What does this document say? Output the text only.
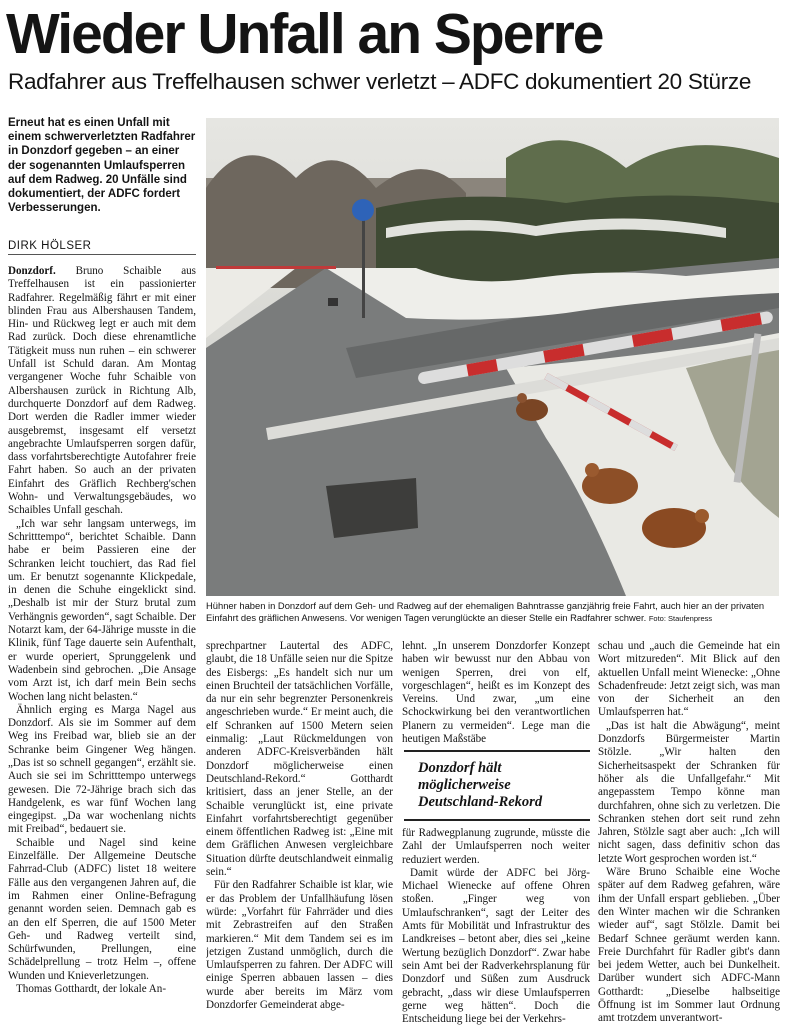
Wieder Unfall an Sperre
Radfahrer aus Treffelhausen schwer verletzt – ADFC dokumentiert 20 Stürze
Erneut hat es einen Unfall mit einem schwerverletzten Radfahrer in Donzdorf gegeben – an einer der sogenannten Umlaufsperren auf dem Radweg. 20 Unfälle sind dokumentiert, der ADFC fordert Verbesserungen.
DIRK HÖLSER

Donzdorf. Bruno Schaible aus Treffelhausen ist ein passionierter Radfahrer. Regelmäßig fährt er mit einer blinden Frau aus Albershausen Tandem, Hin- und Rückweg legt er auch mit dem Rad zurück. Doch diese ehrenamtliche Tätigkeit muss nun ruhen – ein schwerer Unfall ist Schuld daran. Am Montag vergangener Woche fuhr Schaible von Albershausen zurück in Richtung Alb, durchquerte Donzdorf auf dem Radweg. Dort werden die Radler immer wieder ausgebremst, insgesamt elf versetzt angebrachte Umlaufsperren sorgen dafür, dass vorfahrtsberechtigte Autofahrer freie Fahrt haben. So auch an der privaten Einfahrt des Gräflich Rechberg'schen Wohn- und Verwaltungsgebäudes, wo Schaibles Unfall geschah.

„Ich war sehr langsam unterwegs, im Schritttempo“, berichtet Schaible. Dann habe er beim Passieren eine der Schranken leicht touchiert, das Rad fiel um. Er benutzt sogenannte Klickpedale, in denen die Schuhe eingeklickt sind. „Deshalb ist mir der Sturz brutal zum Verhängnis geworden“, sagt Schaible. Der Notarzt kam, der 64-Jährige musste in die Klinik, fünf Tage dauerte sein Aufenthalt, er wurde operiert, Sprunggelenk und Wadenbein sind gebrochen. „Die Ansage vom Arzt ist, ich darf mein Bein sechs Wochen lang nicht belasten.“

Ähnlich erging es Marga Nagel aus Donzdorf. Als sie im Sommer auf dem Weg ins Freibad war, blieb sie an der Schranke beim Gingener Weg hängen. „Das ist so schnell gegangen“, erzählt sie. Auch sie sei im Schritttempo unterwegs gewesen. Die 72-Jährige brach sich das Handgelenk, es war fünf Wochen lang eingegipst. „Da war wochenlang nichts mit Freibad“, bedauert sie.

Schaible und Nagel sind keine Einzelfälle. Der Allgemeine Deutsche Fahrrad-Club (ADFC) listet 18 weitere Fälle aus den vergangenen Jahren auf, die im Rahmen einer Online-Befragung genannt worden seien. Demnach gab es an den elf Sperren, die auf 1500 Meter Geh- und Radweg verteilt sind, Schürfwunden, Prellungen, eine Schädelprellung – trotz Helm –, offene Wunden und Knieverletzungen.

Thomas Gotthardt, der lokale An-

Hühner haben in Donzdorf auf dem Geh- und Radweg auf der ehemaligen Bahntrasse ganzjährig freie Fahrt, auch hier an der privaten Einfahrt des gräflichen Anwesens. Vor wenigen Tagen verunglückte an dieser Stelle ein Radfahrer schwer. Foto: Staufenpress

sprechpartner Lautertal des ADFC, glaubt, die 18 Unfälle seien nur die Spitze des Eisbergs: „Es handelt sich nur um einen Bruchteil der tatsächlichen Vorfälle, da nur ein sehr begrenzter Personenkreis angeschrieben wurde.“ Er meint auch, die elf Schranken auf 1500 Metern seien einmalig: „Laut Rückmeldungen von anderen ADFC-Kreisverbänden hält Donzdorf möglicherweise einen Deutschland-Rekord.“ Gotthardt kritisiert, dass an jener Stelle, an der Schaible verunglückt ist, eine private Einfahrt vorfahrtsberechtigt gegenüber einem öffentlichen Radweg ist: „Eine mit dem Gräflichen Anwesen vergleichbare Situation dürfte deutschlandweit einmalig sein.“

Für den Radfahrer Schaible ist klar, wie er das Problem der Unfallhäufung lösen würde: „Vorfahrt für Fahrräder und dies mit Zebrastreifen auf den Straßen markieren.“ Mit dem Tandem sei es im jetzigen Zustand unmöglich, durch die Umlaufsperren zu fahren. Der ADFC will einige Sperren abbauen lassen – dies wurde aber bereits im März vom Donzdorfer Gemeinderat abge-

lehnt. „In unserem Donzdorfer Konzept haben wir bewusst nur den Abbau von wenigen Sperren, drei von elf, vorgeschlagen“, heißt es im Konzept des Vereins. Und zwar, „um eine Schockwirkung bei den verantwortlichen Planern zu vermeiden“. Lege man die heutigen Maßstäbe

Donzdorf hält möglicherweise Deutschland-Rekord

für Radwegplanung zugrunde, müsste die Zahl der Umlaufsperren noch weiter reduziert werden.

Damit würde der ADFC bei Jörg-Michael Wienecke auf offene Ohren stoßen. „Finger weg von Umlaufschranken“, sagt der Leiter des Amts für Mobilität und Infrastruktur des Landkreises – betont aber, dies sei „keine Wertung bezüglich Donzdorf“. Zwar habe sein Amt bei der Radverkehrsplanung für Donzdorf und Süßen zum Ausdruck gebracht, „dass wir diese Umlaufsperren gerne weg hätten“. Doch die Entscheidung liege bei der Verkehrs-

schau und „auch die Gemeinde hat ein Wort mitzureden“. Mit Blick auf den aktuellen Unfall meint Wienecke: „Ohne Schadenfreude: Jetzt zeigt sich, was man von der Sicherheit an den Umlaufsperren hat.“

„Das ist halt die Abwägung“, meint Donzdorfs Bürgermeister Martin Stölzle. „Wir halten den Sicherheitsaspekt der Schranken für höher als die Unfallgefahr.“ Mit angepasstem Tempo könne man durchfahren, ohne sich zu verletzen. Die Schranken stehen dort seit rund zehn Jahren, Stölzle sagt aber auch: „Ich will nicht sagen, dass definitiv schon das letzte Wort gesprochen worden ist.“

Wäre Bruno Schaible eine Woche später auf dem Radweg gefahren, wäre ihm der Unfall erspart geblieben. „Über den Winter machen wir die Schranken wieder auf“, sagt Stölzle. Damit bei Bedarf Schnee geräumt werden kann. Freie Durchfahrt für Radler gibt's dann bei jedem Wetter, auch bei Dunkelheit. Darüber wundert sich ADFC-Mann Gotthardt: „Dieselbe halbseitige Öffnung ist im Sommer laut Ordnung amt trotzdem unverantwort-
